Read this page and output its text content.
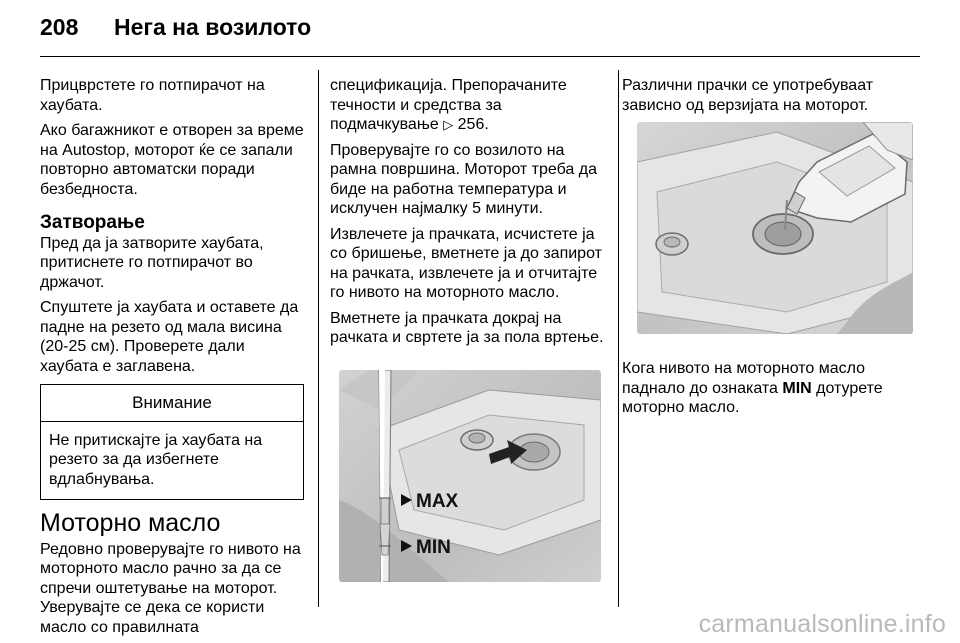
208	Нега на возилото

Прицврстете го потпирачот на хаубата.

Ако багажникот е отворен за време на Autostop, моторот ќе се запали повторно автоматски поради безбедноста.

Затворање

Пред да ја затворите хаубата, притиснете го потпирачот во држачот.

Спуштете ја хаубата и оставете да падне на резето од мала висина (20-25 см). Проверете дали хаубата е заглавена.

Внимание
Не притискајте ја хаубата на резето за да избегнете вдлабнувања.
Моторно масло

Редовно проверувајте го нивото на моторното масло рачно за да се спречи оштетување на моторот. Уверувајте се дека се користи масло со правилната

спецификација. Препорачаните течности и средства за подмачкување ▷ 256.

Проверувајте го со возилото на рамна површина. Моторот треба да биде на работна температура и исклучен најмалку 5 минути.

Извлечете ја прачката, исчистете ја со бришење, вметнете ја до запирот на рачката, извлечете ја и отчитајте го нивото на моторното масло.

Вметнете ја прачката докрај на рачката и свртете ја за пола вртење.

MAX
MIN

Различни прачки се употребуваат зависно од верзијата на моторот.

Кога нивото на моторното масло паднало до ознаката MIN дотурете моторно масло.

carmanualsonline.info
